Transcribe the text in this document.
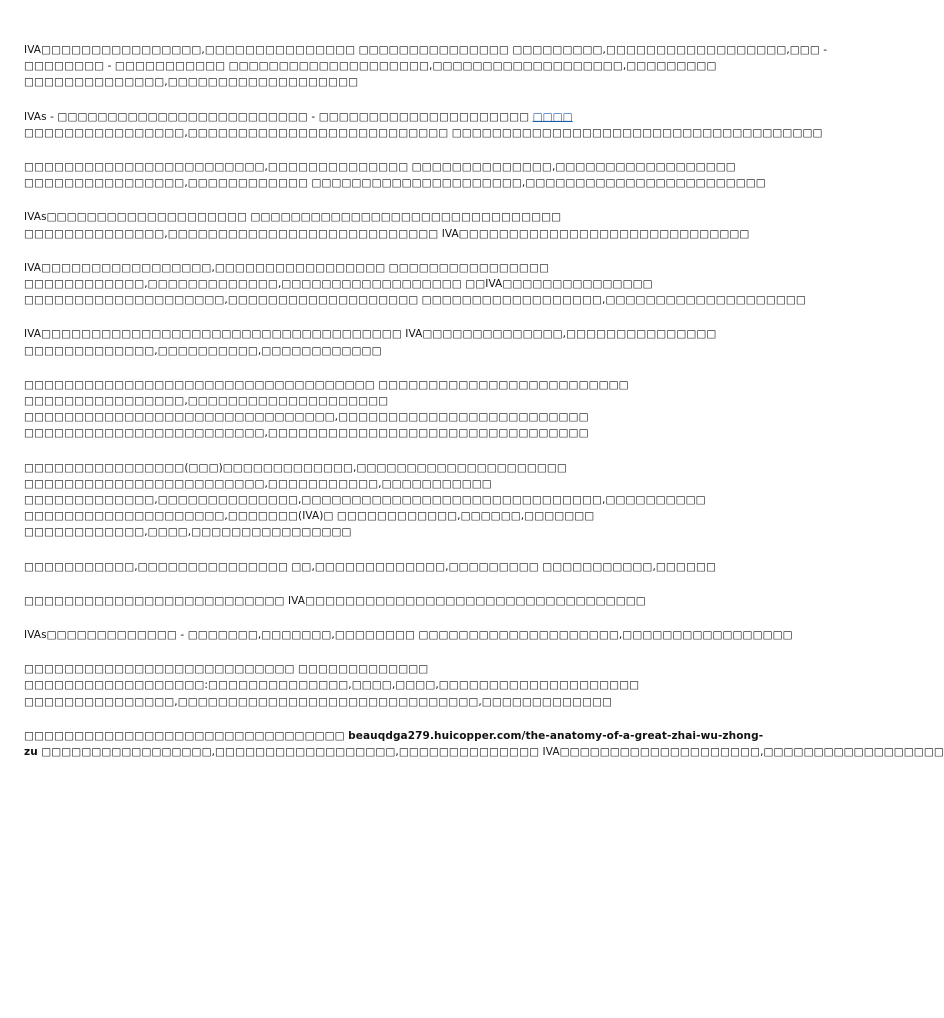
IVA□□□□□□□□□□□□□□□□,□□□□□□□□□□□□□□□ □□□□□□□□□□□□□□□ □□□□□□□□□,□□□□□□□□□□□□□□□□□□,□□□ -
□□□□□□□□ - □□□□□□□□□□□ □□□□□□□□□□□□□□□□□□□□,□□□□□□□□□□□□□□□□□□□,□□□□□□□□□
□□□□□□□□□□□□□□,□□□□□□□□□□□□□□□□□□□

IVAs - □□□□□□□□□□□□□□□□□□□□□□□□□ - □□□□□□□□□□□□□□□□□□□□□ □□□□
□□□□□□□□□□□□□□□□,□□□□□□□□□□□□□□□□□□□□□□□□□□ □□□□□□□□□□□□□□□□□□□□□□□□□□□□□□□□□□□□□

□□□□□□□□□□□□□□□□□□□□□□□□,□□□□□□□□□□□□□□ □□□□□□□□□□□□□□,□□□□□□□□□□□□□□□□□□
□□□□□□□□□□□□□□□□,□□□□□□□□□□□□ □□□□□□□□□□□□□□□□□□□□□,□□□□□□□□□□□□□□□□□□□□□□□□

IVAs□□□□□□□□□□□□□□□□□□□□ □□□□□□□□□□□□□□□□□□□□□□□□□□□□□□□
□□□□□□□□□□□□□□,□□□□□□□□□□□□□□□□□□□□□□□□□□□ IVA□□□□□□□□□□□□□□□□□□□□□□□□□□□□□

IVA□□□□□□□□□□□□□□□□□,□□□□□□□□□□□□□□□□□ □□□□□□□□□□□□□□□□
□□□□□□□□□□□□,□□□□□□□□□□□□□,□□□□□□□□□□□□□□□□□□ □□IVA□□□□□□□□□□□□□□□
□□□□□□□□□□□□□□□□□□□□,□□□□□□□□□□□□□□□□□□□ □□□□□□□□□□□□□□□□□□,□□□□□□□□□□□□□□□□□□□□

IVA□□□□□□□□□□□□□□□□□□□□□□□□□□□□□□□□□□□□ IVA□□□□□□□□□□□□□□,□□□□□□□□□□□□□□□
□□□□□□□□□□□□□,□□□□□□□□□□,□□□□□□□□□□□□

□□□□□□□□□□□□□□□□□□□□□□□□□□□□□□□□□□□ □□□□□□□□□□□□□□□□□□□□□□□□□
□□□□□□□□□□□□□□□□,□□□□□□□□□□□□□□□□□□□□
□□□□□□□□□□□□□□□□□□□□□□□□□□□□□□□,□□□□□□□□□□□□□□□□□□□□□□□□□
□□□□□□□□□□□□□□□□□□□□□□□□,□□□□□□□□□□□□□□□□□□□□□□□□□□□□□□□□

□□□□□□□□□□□□□□□□(□□□)□□□□□□□□□□□□□,□□□□□□□□□□□□□□□□□□□□□
□□□□□□□□□□□□□□□□□□□□□□□□,□□□□□□□□□□□,□□□□□□□□□□□
□□□□□□□□□□□□□,□□□□□□□□□□□□□□,□□□□□□□□□□□□□□□□□□□□□□□□□□□□□□,□□□□□□□□□□
□□□□□□□□□□□□□□□□□□□□,□□□□□□□(IVA)□ □□□□□□□□□□□□,□□□□□□,□□□□□□□
□□□□□□□□□□□□,□□□□,□□□□□□□□□□□□□□□□

□□□□□□□□□□□,□□□□□□□□□□□□□□□ □□,□□□□□□□□□□□□□,□□□□□□□□□ □□□□□□□□□□□,□□□□□□

□□□□□□□□□□□□□□□□□□□□□□□□□□ IVA□□□□□□□□□□□□□□□□□□□□□□□□□□□□□□□□□□

IVAs□□□□□□□□□□□□□ - □□□□□□□,□□□□□□□,□□□□□□□□ □□□□□□□□□□□□□□□□□□□□,□□□□□□□□□□□□□□□□□

□□□□□□□□□□□□□□□□□□□□□□□□□□□ □□□□□□□□□□□□□
□□□□□□□□□□□□□□□□□□:□□□□□□□□□□□□□□,□□□□,□□□□,□□□□□□□□□□□□□□□□□□□□
□□□□□□□□□□□□□□□,□□□□□□□□□□□□□□□□□□□□□□□□□□□□□□,□□□□□□□□□□□□□

□□□□□□□□□□□□□□□□□□□□□□□□□□□□□□□□ beauqdga279.huicopper.com/the-anatomy-of-a-great-zhai-wu-zhong-
zu □□□□□□□□□□□□□□□□□,□□□□□□□□□□□□□□□□□□,□□□□□□□□□□□□□□ IVA□□□□□□□□□□□□□□□□□□□□,□□□□□□□□□□□□□□□□□□
